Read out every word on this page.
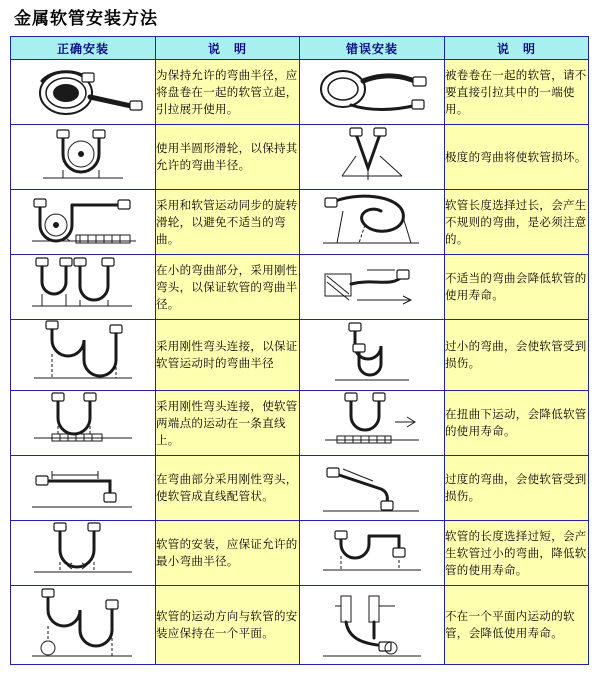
金属软管安装方法
正确安装	说　明	错误安装	说　明

	为保持允许的弯曲半径，应将盘卷在一起的软管立起，引拉展开使用。		被卷卷在一起的软管，请不要直接引拉其中的一端使用。

	使用半圆形滑轮，以保持其允许的弯曲半径。		极度的弯曲将使软管损坏。

	采用和软管运动同步的旋转滑轮，以避免不适当的弯曲。		软管长度选择过长，会产生不规则的弯曲，是必须注意的。

	在小的弯曲部分，采用刚性弯头，以保证软管的弯曲半径。		不适当的弯曲会降低软管的使用寿命。

	采用刚性弯头连接，以保证软管运动时的弯曲半径		过小的弯曲，会使软管受到损伤。

	采用刚性弯头连接，使软管两端点的运动在一条直线上。		在扭曲下运动，会降低软管的使用寿命。

	在弯曲部分采用刚性弯头，使软管成直线配管状。		过度的弯曲，会使软管受到损伤。

	软管的安装，应保证允许的最小弯曲半径。		软管的长度选择过短，会产生软管过小的弯曲，降低软管的使用寿命。

	软管的运动方向与软管的安装应保持在一个平面。		不在一个平面内运动的软管，会降低使用寿命。
